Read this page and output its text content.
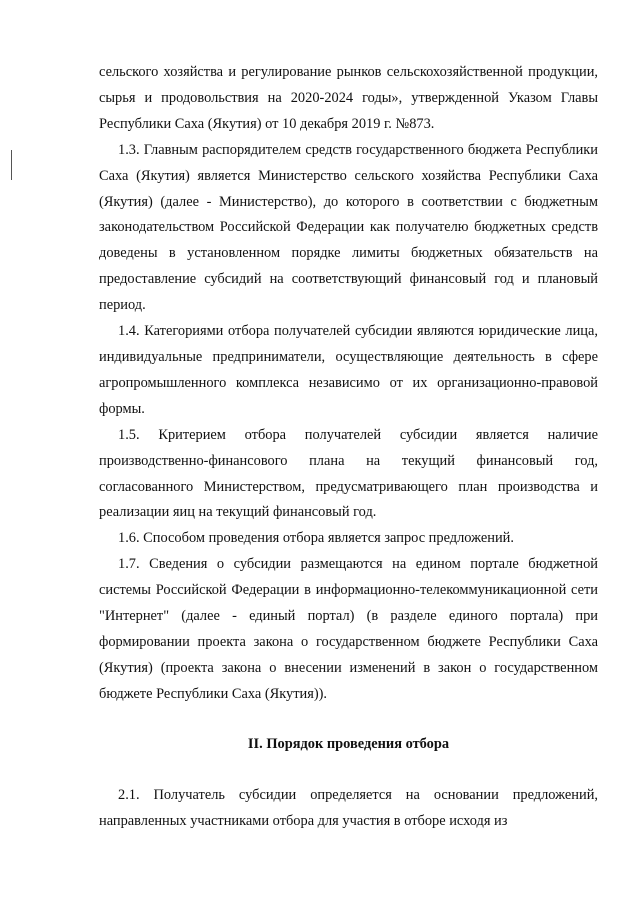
сельского хозяйства и регулирование рынков сельскохозяйственной продукции, сырья и продовольствия на 2020-2024 годы», утвержденной Указом Главы Республики Саха (Якутия) от 10 декабря 2019 г. №873.

1.3. Главным распорядителем средств государственного бюджета Республики Саха (Якутия) является Министерство сельского хозяйства Республики Саха (Якутия) (далее - Министерство), до которого в соответствии с бюджетным законодательством Российской Федерации как получателю бюджетных средств доведены в установленном порядке лимиты бюджетных обязательств на предоставление субсидий на соответствующий финансовый год и плановый период.

1.4. Категориями отбора получателей субсидии являются юридические лица, индивидуальные предприниматели, осуществляющие деятельность в сфере агропромышленного комплекса независимо от их организационно-правовой формы.

1.5. Критерием отбора получателей субсидии является наличие производственно-финансового плана на текущий финансовый год, согласованного Министерством, предусматривающего план производства и реализации яиц на текущий финансовый год.

1.6. Способом проведения отбора является запрос предложений.

1.7. Сведения о субсидии размещаются на едином портале бюджетной системы Российской Федерации в информационно-телекоммуникационной сети "Интернет" (далее - единый портал) (в разделе единого портала) при формировании проекта закона о государственном бюджете Республики Саха (Якутия) (проекта закона о внесении изменений в закон о государственном бюджете Республики Саха (Якутия)).

II. Порядок проведения отбора

2.1. Получатель субсидии определяется на основании предложений, направленных участниками отбора для участия в отборе исходя из
